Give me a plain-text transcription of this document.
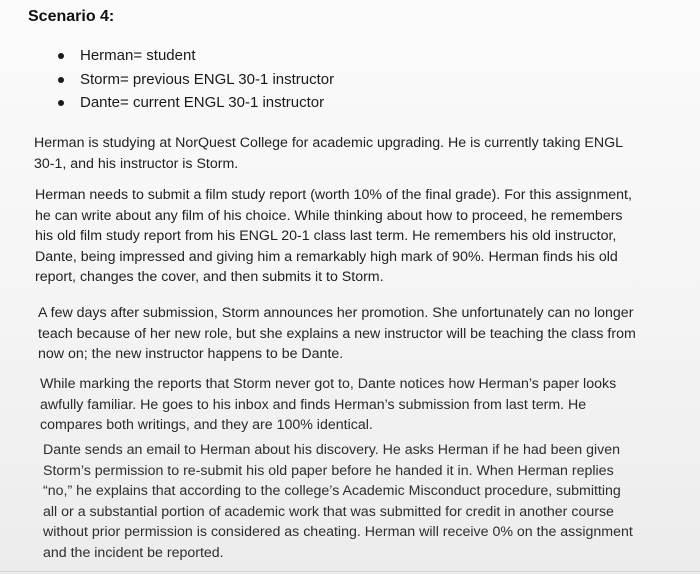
Scenario 4:
Herman= student
Storm= previous ENGL 30-1 instructor
Dante= current ENGL 30-1 instructor

Herman is studying at NorQuest College for academic upgrading. He is currently taking ENGL
30-1, and his instructor is Storm.

Herman needs to submit a film study report (worth 10% of the final grade). For this assignment,
he can write about any film of his choice. While thinking about how to proceed, he remembers
his old film study report from his ENGL 20-1 class last term. He remembers his old instructor,
Dante, being impressed and giving him a remarkably high mark of 90%. Herman finds his old
report, changes the cover, and then submits it to Storm.

A few days after submission, Storm announces her promotion. She unfortunately can no longer
teach because of her new role, but she explains a new instructor will be teaching the class from
now on; the new instructor happens to be Dante.

While marking the reports that Storm never got to, Dante notices how Herman’s paper looks
awfully familiar. He goes to his inbox and finds Herman’s submission from last term. He
compares both writings, and they are 100% identical.

Dante sends an email to Herman about his discovery. He asks Herman if he had been given
Storm’s permission to re-submit his old paper before he handed it in. When Herman replies
“no,” he explains that according to the college’s Academic Misconduct procedure, submitting
all or a substantial portion of academic work that was submitted for credit in another course
without prior permission is considered as cheating. Herman will receive 0% on the assignment
and the incident be reported.
